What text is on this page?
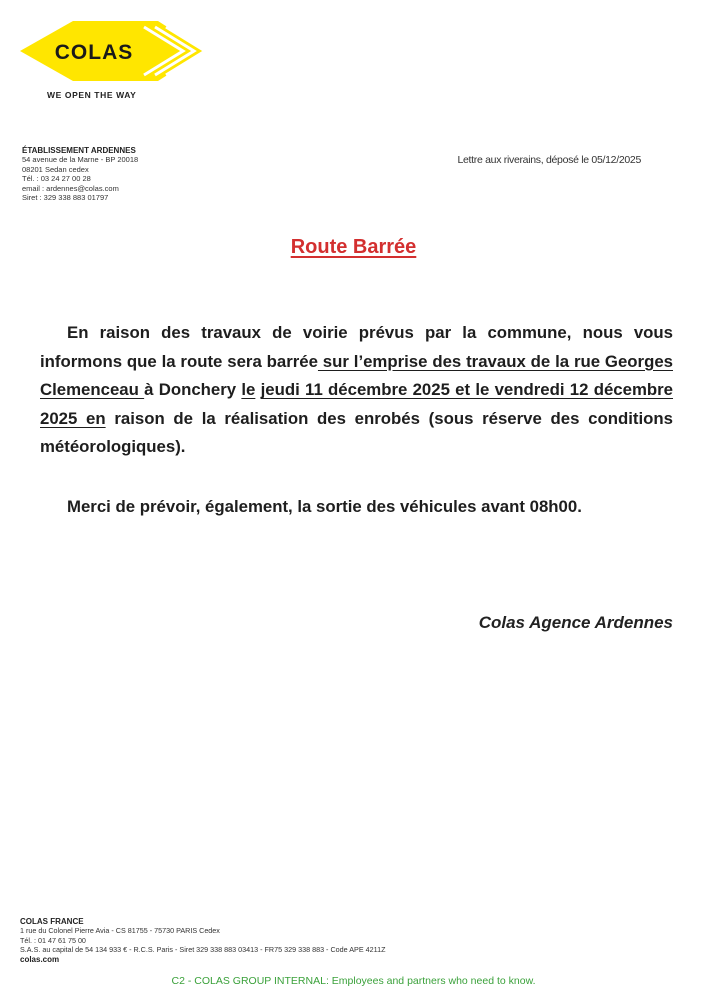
COLAS
WE OPEN THE WAY
ÉTABLISSEMENT ARDENNES
54 avenue de la Marne - BP 20018
08201 Sedan cedex
Tél. : 03 24 27 00 28
email : ardennes@colas.com
Siret : 329 338 883 01797
Lettre aux riverains, déposé le 05/12/2025
Route Barrée

En raison des travaux de voirie prévus par la commune, nous vous informons que la route sera barrée sur l’emprise des travaux de la rue Georges Clemenceau à Donchery le jeudi 11 décembre 2025 et le vendredi 12 décembre 2025 en raison de la réalisation des enrobés (sous réserve des conditions météorologiques).

Merci de prévoir, également, la sortie des véhicules avant 08h00.

Colas Agence Ardennes
COLAS FRANCE
1 rue du Colonel Pierre Avia - CS 81755 - 75730 PARIS Cedex
Tél. : 01 47 61 75 00
S.A.S. au capital de 54 134 933 € - R.C.S. Paris - Siret 329 338 883 03413 - FR75 329 338 883 - Code APE 4211Z
colas.com
C2 - COLAS GROUP INTERNAL: Employees and partners who need to know.
